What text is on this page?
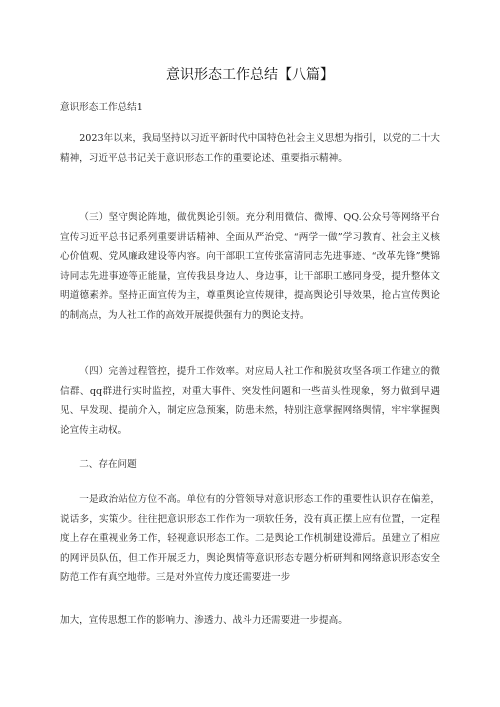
意识形态工作总结【八篇】

意识形态工作总结1

2023年以来，我局坚持以习近平新时代中国特色社会主义思想为指引，以党的二十大精神，习近平总书记关于意识形态工作的重要论述、重要指示精神。

（三）坚守舆论阵地，做优舆论引领。充分利用微信、微博、QQ.公众号等网络平台宣传习近平总书记系列重要讲话精神、全面从严治党、“两学一做”学习教育、社会主义核心价值观、党风廉政建设等内容。向干部职工宣传张富清同志先进事迹、“改革先锋”樊锦诗同志先进事迹等正能量，宣传我县身边人、身边事，让干部职工感同身受，提升整体文明道德素养。坚持正面宣传为主，尊重舆论宣传规律，提高舆论引导效果，抢占宣传舆论的制高点，为人社工作的高效开展提供强有力的舆论支持。

（四）完善过程管控，提升工作效率。对应局人社工作和脱贫攻坚各项工作建立的微信群、qq群进行实时监控，对重大事件、突发性问题和一些苗头性现象，努力做到早遇见、早发现、提前介入，制定应急预案，防患未然，特别注意掌握网络舆情，牢牢掌握舆论宣传主动权。

二、存在问题

一是政治站位方位不高。单位有的分管领导对意识形态工作的重要性认识存在偏差，说话多，实策少。往往把意识形态工作作为一项软任务，没有真正摆上应有位置，一定程度上存在重视业务工作，轻视意识形态工作。二是舆论工作机制建设滞后。虽建立了相应的网评员队伍，但工作开展乏力，舆论舆情等意识形态专题分析研判和网络意识形态安全防范工作有真空地带。三是对外宣传力度还需要进一步

加大，宣传思想工作的影响力、渗透力、战斗力还需要进一步提高。
